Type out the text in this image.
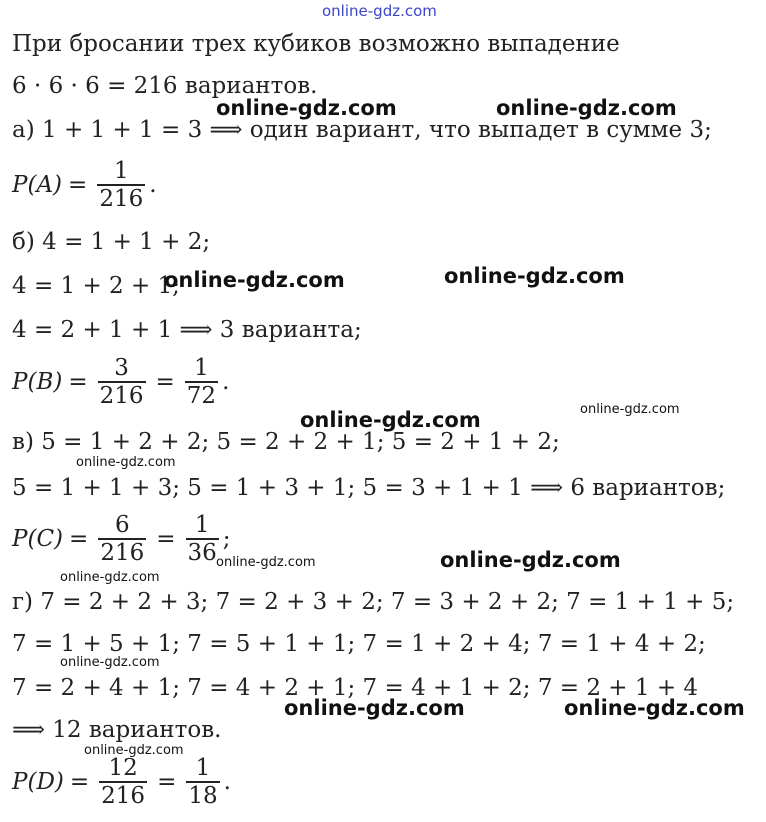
При бросании трех кубиков возможно выпадение
6 · 6 · 6 = 216 вариантов.
а) 1 + 1 + 1 = 3 ⟹ один вариант, что выпадет в сумме 3;
$P(A) = \frac{1}{216}$ .
б) 4 = 1 + 1 + 2;
4 = 1 + 2 + 1;
4 = 2 + 1 + 1 ⟹ 3 варианта;
$P(B) = \frac{3}{216} = \frac{1}{72}$ .
в) 5 = 1 + 2 + 2; 5 = 2 + 2 + 1; 5 = 2 + 1 + 2;
5 = 1 + 1 + 3; 5 = 1 + 3 + 1; 5 = 3 + 1 + 1 ⟹ 6 вариантов;
$P(C) = \frac{6}{216} = \frac{1}{36}$ ;
г) 7 = 2 + 2 + 3; 7 = 2 + 3 + 2; 7 = 3 + 2 + 2; 7 = 1 + 1 + 5;
7 = 1 + 5 + 1; 7 = 5 + 1 + 1; 7 = 1 + 2 + 4; 7 = 1 + 4 + 2;
7 = 2 + 4 + 1; 7 = 4 + 2 + 1; 7 = 4 + 1 + 2; 7 = 2 + 1 + 4
⟹ 12 вариантов.
$P(D) = \frac{12}{216} = \frac{1}{18}$ .
online-gdz.com
online-gdz.com	online-gdz.com
online-gdz.com	online-gdz.com
online-gdz.com	online-gdz.com
online-gdz.com
online-gdz.com	online-gdz.com
online-gdz.com
online-gdz.com
online-gdz.com	online-gdz.com
online-gdz.com
